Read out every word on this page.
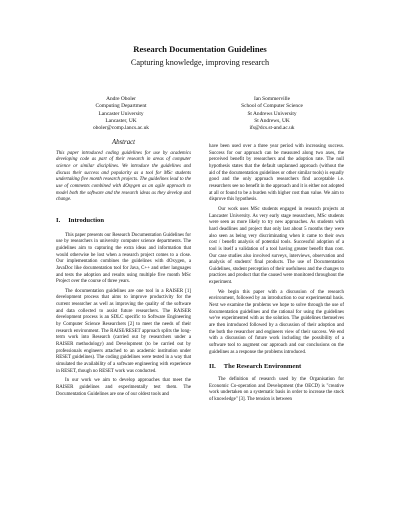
Research Documentation Guidelines
Capturing knowledge, improving research
Andre Oboler
Computing Department
Lancaster University
Lancaster, UK
oboler@comp.lancs.ac.uk
Ian Sommerville
School of Computer Science
St Andrews University
St Andrews, UK
ifs@dcs.st-and.ac.uk
Abstract

This paper introduced coding guidelines for use by academics developing code as part of their research in areas of computer science or similar disciplines. We introduce the guidelines and discuss their success and popularity as a tool for MSc students undertaking five month research projects. The guidelines lead to the use of comments combined with dOxygen as an agile approach to model both the software and the research ideas as they develop and change.

I. Introduction

This paper presents our Research Documentation Guidelines for use by researchers in university computer science departments. The guidelines aim to capturing the extra ideas and information that would otherwise be lost when a research project comes to a close. Our implementation combines the guidelines with dOxygen, a JavaDoc like documentation tool for Java, C++ and other languages and tests the adoption and results using multiple five month MSc Project over the course of three years.

The documentation guidelines are one tool in a RAISER [1] development process that aims to improve productivity for the current researcher as well as improving the quality of the software and data collected to assist future researchers. The RAISER development process is an SDLC specific to Software Engineering by Computer Science Researchers [2] to meet the needs of their research environment. The RAISE/RESET approach splits the long-term work into Research (carried out by researchers under a RAISER methodology) and Development (to be carried out by professionals engineers attached to an academic institution under RESET guidelines). The coding guidelines were tested in a way that simulated the availability of a software engineering with experience in RESET, though no RESET work was conducted.

In our work we aim to develop approaches that meet the RAISER guidelines and experimentally test them. The Documentation Guidelines are one of our oldest tools and

have been used over a three year period with increasing success. Success for our approach can be measured along two axes, the perceived benefit by researchers and the adoption rate. The null hypothesis states that the default unplanned approach (without the aid of the documentation guidelines or other similar tools) is equally good and the only approach researchers find acceptable i.e. researchers see no benefit in the approach and it is either not adopted at all or found to be a burden with higher cost than value. We aim to disprove this hypothesis.

Our work uses MSc students engaged in research projects at Lancaster University. As very early stage researchers, MSc students were seen as more likely to try new approaches. As students with hard deadlines and project that only last about 5 months they were also seen as being very discriminating when it came to their own cost / benefit analysis of potential tools. Successful adoption of a tool is itself a validation of a tool having greater benefit than cost. Our case studies also involved surveys, interviews, observation and analysis of students' final products. The use of Documentation Guidelines, student perception of their usefulness and the changes to practices and product that the caused were monitored throughout the experiment.

We begin this paper with a discussion of the research environment, followed by an introduction to our experimental basis. Next we examine the problems we hope to solve through the use of documentation guidelines and the rational for using the guidelines we've experimented with as the solution. The guidelines themselves are then introduced followed by a discussion of their adoption and the both the researcher and engineers view of their success. We end with a discussion of future work including the possibility of a software tool to augment our approach and our conclusions on the guidelines as a response the problems introduced.

II. The Research Environment

The definition of research used by the Organisation for Economic Co-operation and Development (the OECD) is "creative work undertaken on a systematic basis in order to increase the stock of knowledge" [3]. The tension is between
